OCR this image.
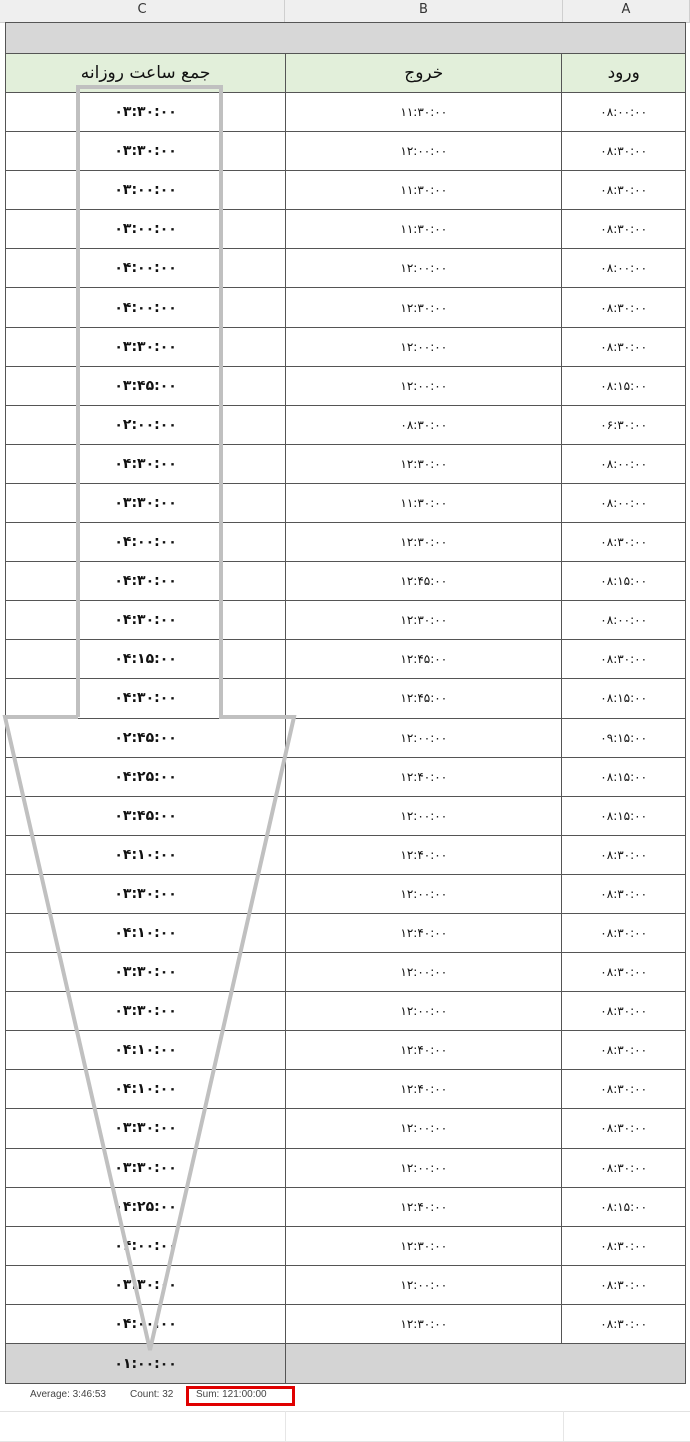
C	B	A
ورود
خروج
جمع ساعت روزانه
۰۸:۰۰:۰۰
۱۱:۳۰:۰۰
۰۳:۳۰:۰۰
۰۸:۳۰:۰۰
۱۲:۰۰:۰۰
۰۳:۳۰:۰۰
۰۸:۳۰:۰۰
۱۱:۳۰:۰۰
۰۳:۰۰:۰۰
۰۸:۳۰:۰۰
۱۱:۳۰:۰۰
۰۳:۰۰:۰۰
۰۸:۰۰:۰۰
۱۲:۰۰:۰۰
۰۴:۰۰:۰۰
۰۸:۳۰:۰۰
۱۲:۳۰:۰۰
۰۴:۰۰:۰۰
۰۸:۳۰:۰۰
۱۲:۰۰:۰۰
۰۳:۳۰:۰۰
۰۸:۱۵:۰۰
۱۲:۰۰:۰۰
۰۳:۴۵:۰۰
۰۶:۳۰:۰۰
۰۸:۳۰:۰۰
۰۲:۰۰:۰۰
۰۸:۰۰:۰۰
۱۲:۳۰:۰۰
۰۴:۳۰:۰۰
۰۸:۰۰:۰۰
۱۱:۳۰:۰۰
۰۳:۳۰:۰۰
۰۸:۳۰:۰۰
۱۲:۳۰:۰۰
۰۴:۰۰:۰۰
۰۸:۱۵:۰۰
۱۲:۴۵:۰۰
۰۴:۳۰:۰۰
۰۸:۰۰:۰۰
۱۲:۳۰:۰۰
۰۴:۳۰:۰۰
۰۸:۳۰:۰۰
۱۲:۴۵:۰۰
۰۴:۱۵:۰۰
۰۸:۱۵:۰۰
۱۲:۴۵:۰۰
۰۴:۳۰:۰۰
۰۹:۱۵:۰۰
۱۲:۰۰:۰۰
۰۲:۴۵:۰۰
۰۸:۱۵:۰۰
۱۲:۴۰:۰۰
۰۴:۲۵:۰۰
۰۸:۱۵:۰۰
۱۲:۰۰:۰۰
۰۳:۴۵:۰۰
۰۸:۳۰:۰۰
۱۲:۴۰:۰۰
۰۴:۱۰:۰۰
۰۸:۳۰:۰۰
۱۲:۰۰:۰۰
۰۳:۳۰:۰۰
۰۸:۳۰:۰۰
۱۲:۴۰:۰۰
۰۴:۱۰:۰۰
۰۸:۳۰:۰۰
۱۲:۰۰:۰۰
۰۳:۳۰:۰۰
۰۸:۳۰:۰۰
۱۲:۰۰:۰۰
۰۳:۳۰:۰۰
۰۸:۳۰:۰۰
۱۲:۴۰:۰۰
۰۴:۱۰:۰۰
۰۸:۳۰:۰۰
۱۲:۴۰:۰۰
۰۴:۱۰:۰۰
۰۸:۳۰:۰۰
۱۲:۰۰:۰۰
۰۳:۳۰:۰۰
۰۸:۳۰:۰۰
۱۲:۰۰:۰۰
۰۳:۳۰:۰۰
۰۸:۱۵:۰۰
۱۲:۴۰:۰۰
۰۴:۲۵:۰۰
۰۸:۳۰:۰۰
۱۲:۳۰:۰۰
۰۴:۰۰:۰۰
۰۸:۳۰:۰۰
۱۲:۰۰:۰۰
۰۳:۳۰:۰۰
۰۸:۳۰:۰۰
۱۲:۳۰:۰۰
۰۴:۰۰:۰۰
۰۱:۰۰:۰۰
Average: 3:46:53 Count: 32 Sum: 121:00:00
